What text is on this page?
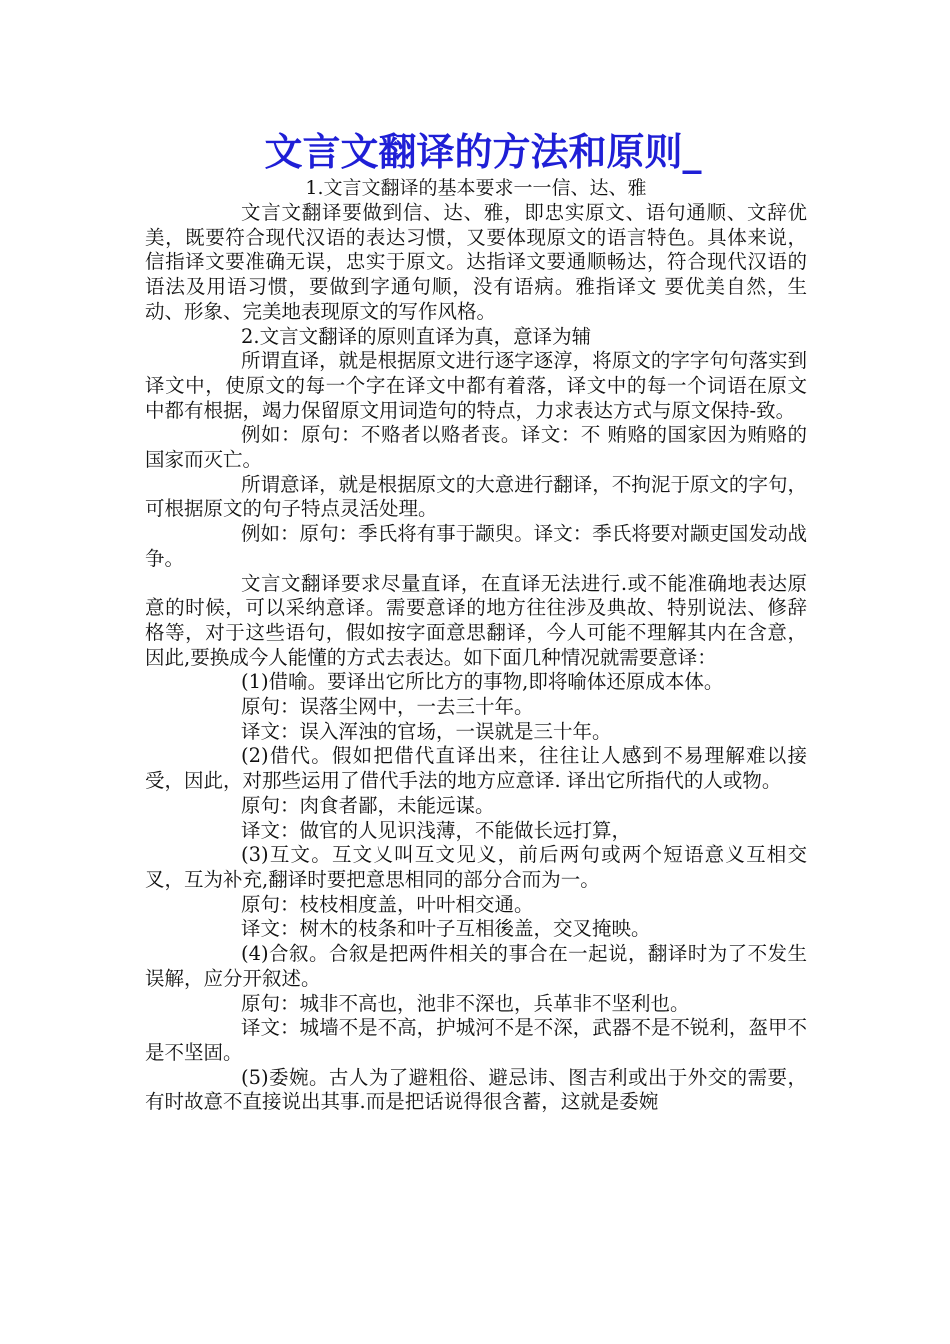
文言文翻译的方法和原则_

1.文言文翻译的基本要求一一信、达、雅

文言文翻译要做到信、达、雅，即忠实原文、语句通顺、文辞优美，既要符合现代汉语的表达习惯，又要体现原文的语言特色。具体来说，信指译文要准确无误，忠实于原文。达指译文要通顺畅达，符合现代汉语的语法及用语习惯，要做到字通句顺，没有语病。雅指译文 要优美自然，生动、形象、完美地表现原文的写作风格。

2.文言文翻译的原则直译为真，意译为辅

所谓直译，就是根据原文进行逐字逐淳，将原文的字字句句落实到译文中，使原文的每一个字在译文中都有着落，译文中的每一个词语在原文中都有根据，竭力保留原文用词造句的特点，力求表达方式与原文保持-致。

例如：原句：不赂者以赂者丧。译文：不 贿赂的国家因为贿赂的国家而灭亡。

所谓意译，就是根据原文的大意进行翻译，不拘泥于原文的字句，可根据原文的句子特点灵活处理。

例如：原句：季氏将有事于颛臾。译文：季氏将要对颛吏国发动战争。

文言文翻译要求尽量直译，在直译无法进行.或不能准确地表达原意的时候，可以采纳意译。需要意译的地方往往涉及典故、特别说法、修辞格等，对于这些语句，假如按字面意思翻译，今人可能不理解其内在含意，因此,要换成今人能懂的方式去表达。如下面几种情况就需要意译：

(1)借喻。要译出它所比方的事物,即将喻体还原成本体。

原句：误落尘网中，一去三十年。

译文：误入浑浊的官场，一误就是三十年。

(2)借代。假如把借代直译出来，往往让人感到不易理解难以接受，因此，对那些运用了借代手法的地方应意译. 译出它所指代的人或物。

原句：肉食者鄙，未能远谋。

译文：做官的人见识浅薄，不能做长远打算，

(3)互文。互文乂叫互文见义，前后两句或两个短语意义互相交叉，互为补充,翻译时要把意思相同的部分合而为一。

原句：枝枝相度盖，叶叶相交通。

译文：树木的枝条和叶子互相後盖，交叉掩映。

(4)合叙。合叙是把两件相关的事合在一起说，翻译时为了不发生误解，应分开叙述。

原句：城非不高也，池非不深也，兵革非不坚利也。

译文：城墙不是不高，护城河不是不深，武器不是不锐利，盔甲不是不坚固。

(5)委婉。古人为了避粗俗、避忌讳、图吉利或出于外交的需要，有时故意不直接说出其事.而是把话说得很含蓄，这就是委婉
